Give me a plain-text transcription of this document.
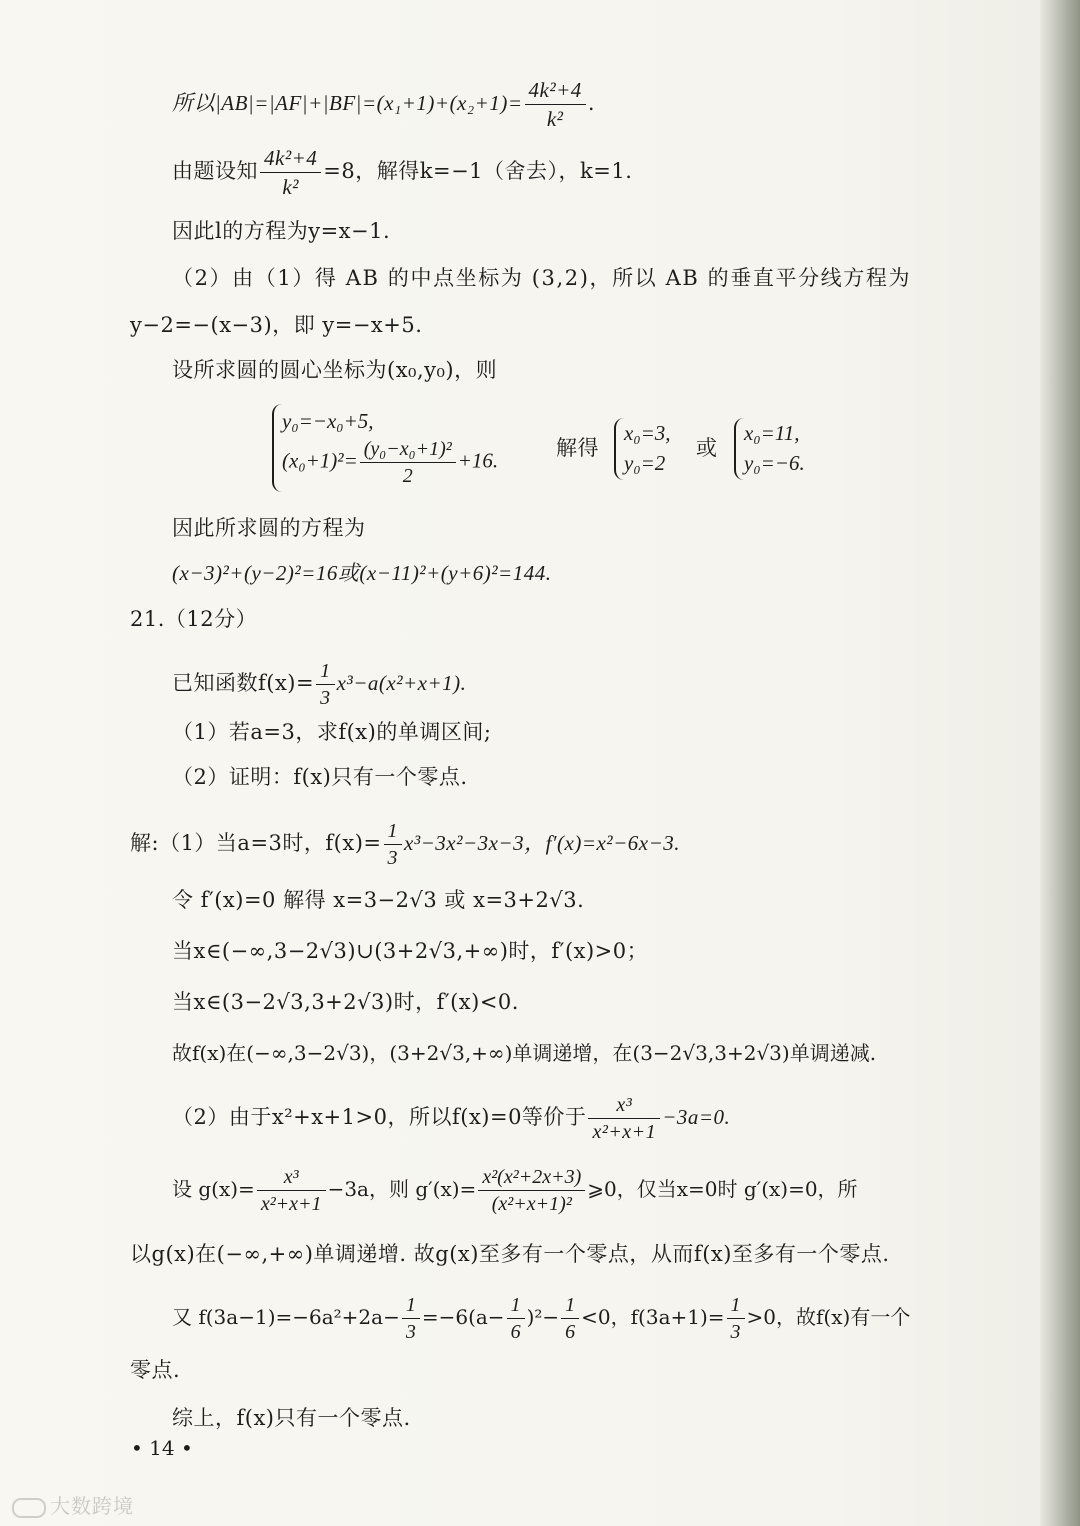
所以$|AB|=|AF|+|BF|=(x_1+1)+(x_2+1)= \frac{\text{4k²+4}}{\text{k²}}$ .
由题设知 $\frac{\text{4k²+4}}{\text{k²}} =8$，解得k=−1（舍去），k=1.
因此l的方程为y=x−1.
（2）由（1）得 AB 的中点坐标为 (3,2)，所以 AB 的垂直平分线方程为
y−2=−(x−3)，即 y=−x+5.
设所求圆的圆心坐标为(x₀,y₀)，则
y₀=−x₀+5,
$(x_0+1)^2= \frac{\text{(y₀−x₀+1)²}}{2} +16$.
解得
x₀=3,
y₀=2
或
x₀=11,
y₀=−6.
因此所求圆的方程为
(x−3)²+(y−2)²=16或(x−11)²+(y+6)²=144.
21.（12分）
已知函数$f(x)= \frac{1}{3} x^3-a(x^2+x+1)$.
（1）若a=3，求f(x)的单调区间;
（2）证明：f(x)只有一个零点.
解:（1）当a=3时，$f(x)= \frac{1}{3} x^3-3x^2-3x-3$，f′(x)=x²−6x−3.
令 f′(x)=0 解得 x=3−2√3 或 x=3+2√3.
当x∈(−∞,3−2√3)∪(3+2√3,+∞)时，f′(x)>0；
当x∈(3−2√3,3+2√3)时，f′(x)<0.
故f(x)在(−∞,3−2√3)，(3+2√3,+∞)单调递增，在(3−2√3,3+2√3)单调递减.
（2）由于x²+x+1>0，所以f(x)=0等价于 $\frac{\text{x³}}{\text{x²+x+1}} -3a=0$.
设 $g(x)= \frac{\text{x³}}{\text{x²+x+1}} -3a$，则 $g'(x)= \frac{\text{x²(x²+2x+3)}}{\text{(x²+x+1)²}}$ ⩾0，仅当x=0时 g′(x)=0，所
以g(x)在(−∞,+∞)单调递增. 故g(x)至多有一个零点，从而f(x)至多有一个零点.
又 $f(3a-1)=-6a^2+2a- \frac{1}{3} =-6(a- \frac{1}{6} )^2- \frac{1}{6} <0$，$f(3a+1)= \frac{1}{3} >0$，故f(x)有一个
零点.
综上，f(x)只有一个零点.
• 14 •
大数跨境
